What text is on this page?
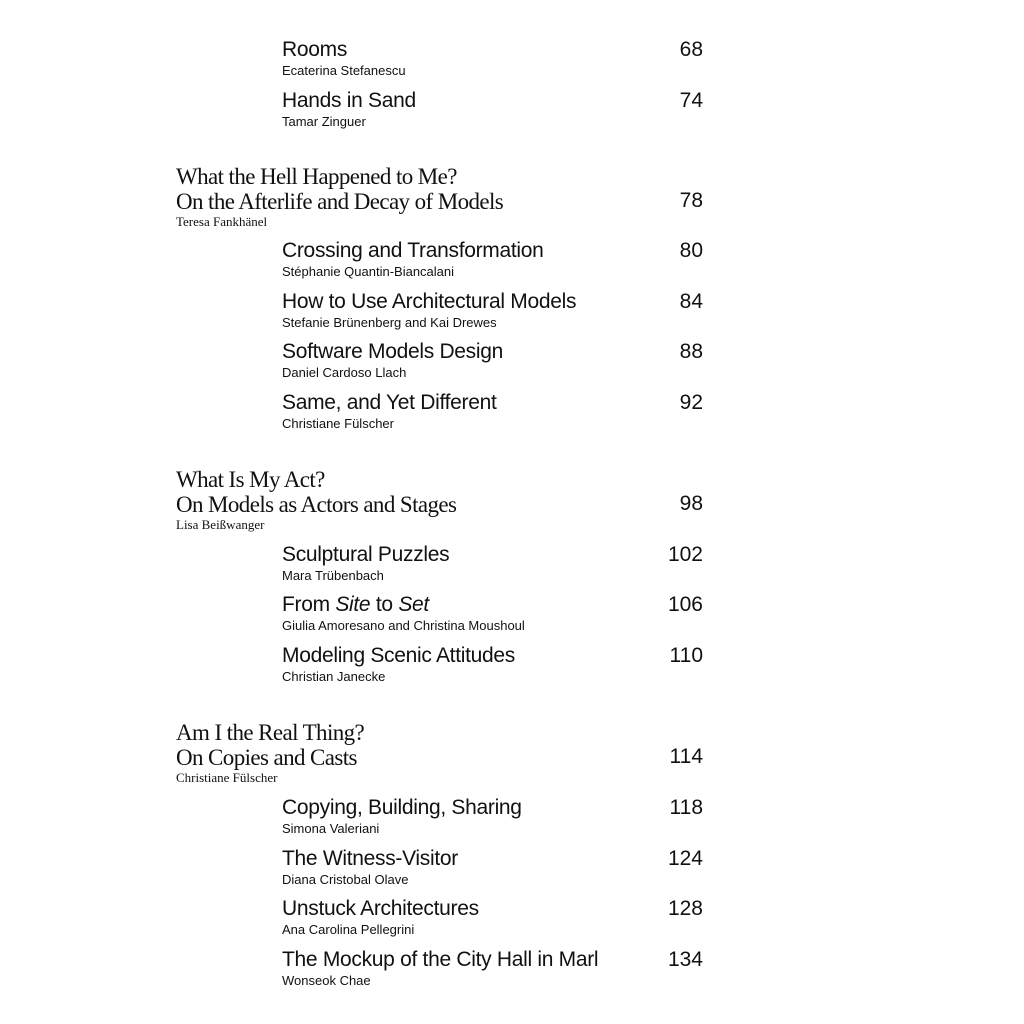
Rooms
Ecaterina Stefanescu
68
Hands in Sand
Tamar Zinguer
74
What the Hell Happened to Me?
On the Afterlife and Decay of Models
Teresa Fankhänel
78
Crossing and Transformation
Stéphanie Quantin-Biancalani
80
How to Use Architectural Models
Stefanie Brünenberg and Kai Drewes
84
Software Models Design
Daniel Cardoso Llach
88
Same, and Yet Different
Christiane Fülscher
92
What Is My Act?
On Models as Actors and Stages
Lisa Beißwanger
98
Sculptural Puzzles
Mara Trübenbach
102
From Site to Set
Giulia Amoresano and Christina Moushoul
106
Modeling Scenic Attitudes
Christian Janecke
110
Am I the Real Thing?
On Copies and Casts
Christiane Fülscher
114
Copying, Building, Sharing
Simona Valeriani
118
The Witness-Visitor
Diana Cristobal Olave
124
Unstuck Architectures
Ana Carolina Pellegrini
128
The Mockup of the City Hall in Marl
Wonseok Chae
134
